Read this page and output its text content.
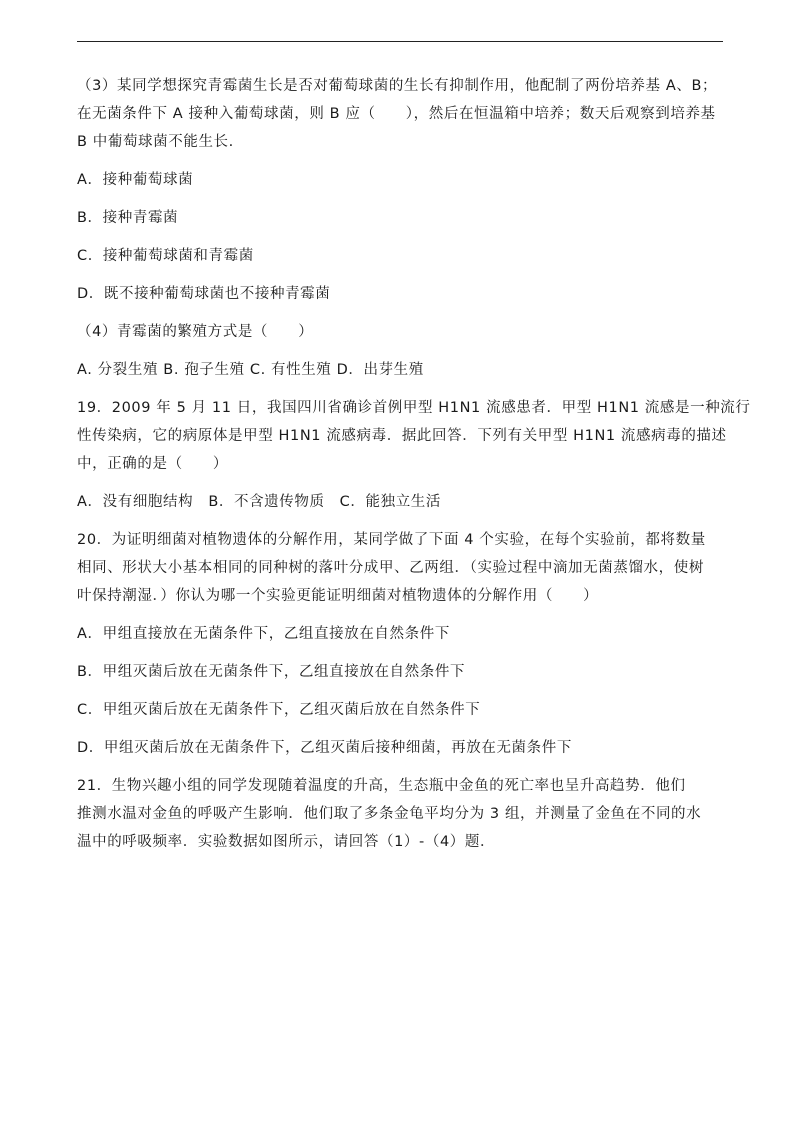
（3）某同学想探究青霉菌生长是否对葡萄球菌的生长有抑制作用，他配制了两份培养基 A、B；
在无菌条件下 A 接种入葡萄球菌，则 B 应（　　），然后在恒温箱中培养；数天后观察到培养基
B 中葡萄球菌不能生长.
A．接种葡萄球菌
B．接种青霉菌
C．接种葡萄球菌和青霉菌
D．既不接种葡萄球菌也不接种青霉菌
（4）青霉菌的繁殖方式是（　　）
A. 分裂生殖 B. 孢子生殖 C. 有性生殖 D．出芽生殖
19．2009 年 5 月 11 日，我国四川省确诊首例甲型 H1N1 流感患者．甲型 H1N1 流感是一种流行
性传染病，它的病原体是甲型 H1N1 流感病毒．据此回答．下列有关甲型 H1N1 流感病毒的描述
中，正确的是（　　）
A．没有细胞结构　B．不含遗传物质　C．能独立生活
20．为证明细菌对植物遗体的分解作用，某同学做了下面 4 个实验，在每个实验前，都将数量
相同、形状大小基本相同的同种树的落叶分成甲、乙两组．（实验过程中滴加无菌蒸馏水，使树
叶保持潮湿．）你认为哪一个实验更能证明细菌对植物遗体的分解作用（　　）
A．甲组直接放在无菌条件下，乙组直接放在自然条件下
B．甲组灭菌后放在无菌条件下，乙组直接放在自然条件下
C．甲组灭菌后放在无菌条件下，乙组灭菌后放在自然条件下
D．甲组灭菌后放在无菌条件下，乙组灭菌后接种细菌，再放在无菌条件下
21．生物兴趣小组的同学发现随着温度的升高，生态瓶中金鱼的死亡率也呈升高趋势．他们
推测水温对金鱼的呼吸产生影响．他们取了多条金龟平均分为 3 组，并测量了金鱼在不同的水
温中的呼吸频率．实验数据如图所示，请回答（1）-（4）题．
